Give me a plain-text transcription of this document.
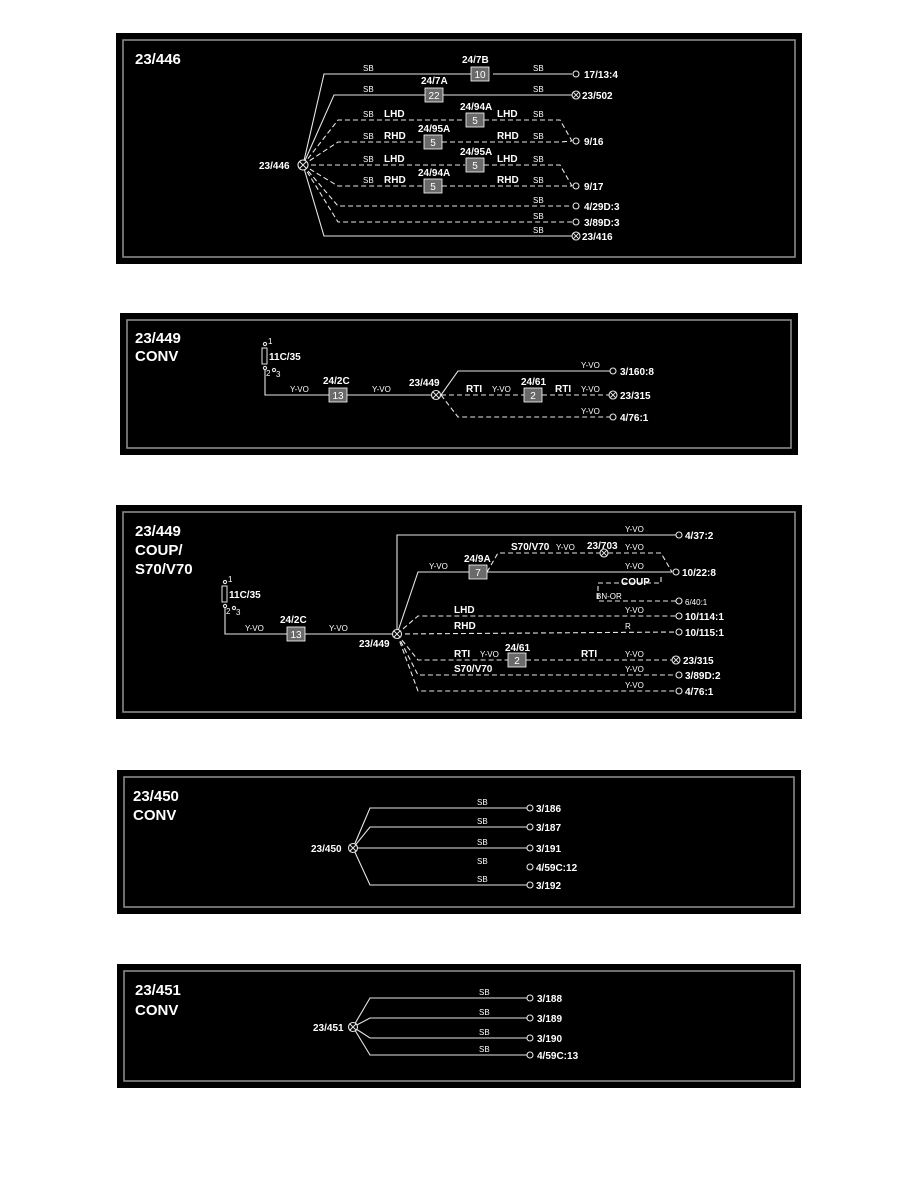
23/446
23/446
10
24/7B
22
24/7A
5
24/94A
5
24/95A
5
24/95A
5
24/94A
SB	SB
SB	SB
SB	SB
SB	SB
SB	SB
SB	SB
SB
SB
SB
LHD	LHD
RHD	RHD
LHD	LHD
RHD	RHD
17/13:4
23/502
9/16
9/17
4/29D:3
3/89D:3
23/416
23/449
CONV
1
2 3
11C/35
13
24/2C
2
24/61
Y-VO	Y-VO
Y-VO
Y-VO	Y-VO
Y-VO
RTI	RTI
23/449
3/160:8
23/315
4/76:1
23/449
COUP/
S70/V70
1
2 3
11C/35
13
24/2C
7
24/9A
2
24/61
23/703
Y-VO	Y-VO
Y-VO
Y-VO
Y-VO	Y-VO
Y-VO
Y-VO
Y-VO	Y-VO
Y-VO
Y-VO
BN-OR
R
S70/V70
COUP
LHD
RHD
RTI	RTI
S70/V70
23/449
4/37:2
10/22:8
6/40:1
10/114:1
10/115:1
23/315
3/89D:2
4/76:1
23/450
CONV
23/450
SB
SB
SB
SB
SB
3/186
3/187
3/191
4/59C:12
3/192
23/451
CONV
23/451
SB
SB
SB
SB
3/188
3/189
3/190
4/59C:13
